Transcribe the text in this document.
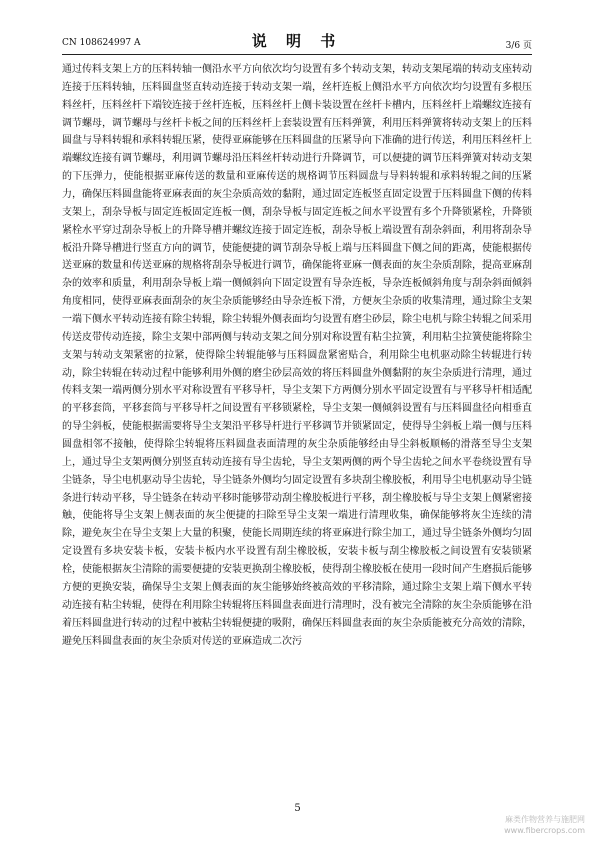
CN 108624997 A	说 明 书	3/6 页
通过传料支架上方的压料转轴一侧沿水平方向依次均匀设置有多个转动支架，转动支架尾端的转动支座转动连接于压料转轴，压料圆盘竖直转动连接于转动支架一端，丝杆连板上侧沿水平方向依次均匀设置有多根压料丝杆，压料丝杆下端铰连接于丝杆连板，压料丝杆上侧卡装设置在丝杆卡槽内，压料丝杆上端螺纹连接有调节螺母，调节螺母与丝杆卡板之间的压料丝杆上套装设置有压料弹簧，利用压料弹簧将转动支架上的压料圆盘与导料转辊和承料转辊压紧，使得亚麻能够在压料圆盘的压紧导向下准确的进行传送，利用压料丝杆上端螺纹连接有调节螺母，利用调节螺母沿压料丝杆转动进行升降调节，可以便捷的调节压料弹簧对转动支架的下压弹力，使能根据亚麻传送的数量和亚麻传送的规格调节压料圆盘与导料转辊和承料转辊之间的压紧力，确保压料圆盘能将亚麻表面的灰尘杂质高效的黏附，通过固定连板竖直固定设置于压料圆盘下侧的传料支架上，刮杂导板与固定连板固定连板一侧，刮杂导板与固定连板之间水平设置有多个升降锁紧栓，升降锁紧栓水平穿过刮杂导板上的升降导槽并螺纹连接于固定连板，刮杂导板上端设置有刮杂斜面，利用将刮杂导板沿升降导槽进行竖直方向的调节，使能便捷的调节刮杂导板上端与压料圆盘下侧之间的距离，使能根据传送亚麻的数量和传送亚麻的规格将刮杂导板进行调节，确保能将亚麻一侧表面的灰尘杂质刮除，提高亚麻刮杂的效率和质量，利用刮杂导板上端一侧倾斜向下固定设置有导杂连板，导杂连板倾斜角度与刮杂斜面倾斜角度相同，使得亚麻表面刮杂的灰尘杂质能够经由导杂连板下滑，方便灰尘杂质的收集清理，通过除尘支架一端下侧水平转动连接有除尘转辊，除尘转辊外侧表面均匀设置有磨尘砂层，除尘电机与除尘转辊之间采用传送皮带传动连接，除尘支架中部两侧与转动支架之间分别对称设置有粘尘拉簧，利用粘尘拉簧使能将除尘支架与转动支架紧密的拉紧，使得除尘转辊能够与压料圆盘紧密贴合，利用除尘电机驱动除尘转辊进行转动，除尘转辊在转动过程中能够利用外侧的磨尘砂层高效的将压料圆盘外侧黏附的灰尘杂质进行清理，通过传料支架一端两侧分别水平对称设置有平移导杆，导尘支架下方两侧分别水平固定设置有与平移导杆相适配的平移套筒，平移套筒与平移导杆之间设置有平移锁紧栓，导尘支架一侧倾斜设置有与压料圆盘径向相垂直的导尘斜板，使能根据需要将导尘支架沿平移导杆进行平移调节并锁紧固定，使得导尘斜板上端一侧与压料圆盘相邻不接触，使得除尘转辊将压料圆盘表面清理的灰尘杂质能够经由导尘斜板顺畅的滑落至导尘支架上，通过导尘支架两侧分别竖直转动连接有导尘齿轮，导尘支架两侧的两个导尘齿轮之间水平卷绕设置有导尘链条，导尘电机驱动导尘齿轮，导尘链条外侧均匀固定设置有多块刮尘橡胶板，利用导尘电机驱动导尘链条进行转动平移，导尘链条在转动平移时能够带动刮尘橡胶板进行平移，刮尘橡胶板与导尘支架上侧紧密接触，使能将导尘支架上侧表面的灰尘便捷的扫除至导尘支架一端进行清理收集，确保能够将灰尘连续的清除，避免灰尘在导尘支架上大量的积聚，使能长周期连续的将亚麻进行除尘加工，通过导尘链条外侧均匀固定设置有多块安装卡板，安装卡板内水平设置有刮尘橡胶板，安装卡板与刮尘橡胶板之间设置有安装锁紧栓，使能根据灰尘清除的需要便捷的安装更换刮尘橡胶板，使得刮尘橡胶板在使用一段时间产生磨损后能够方便的更换安装，确保导尘支架上侧表面的灰尘能够始终被高效的平移清除，通过除尘支架上端下侧水平转动连接有粘尘转辊，使得在利用除尘转辊将压料圆盘表面进行清理时，没有被完全清除的灰尘杂质能够在沿着压料圆盘进行转动的过程中被粘尘转辊便捷的吸附，确保压料圆盘表面的灰尘杂质能被充分高效的清除，避免压料圆盘表面的灰尘杂质对传送的亚麻造成二次污
5
麻类作物营养与施肥网
www.fibercrops.com
